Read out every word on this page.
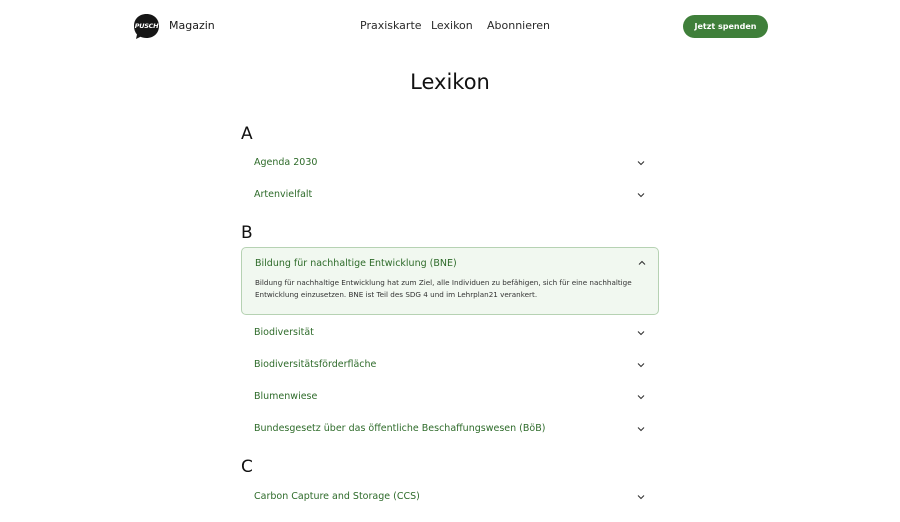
PUSCH Magazin	Praxiskarte Lexikon Abonnieren	Jetzt spenden
Lexikon
A
Agenda 2030
Artenvielfalt
B
Bildung für nachhaltige Entwicklung (BNE)

Bildung für nachhaltige Entwicklung hat zum Ziel, alle Individuen zu befähigen, sich für eine nachhaltige Entwicklung einzusetzen. BNE ist Teil des SDG 4 und im Lehrplan21 verankert.

Biodiversität
Biodiversitätsförderfläche
Blumenwiese
Bundesgesetz über das öffentliche Beschaffungswesen (BöB)
C
Carbon Capture and Storage (CCS)
